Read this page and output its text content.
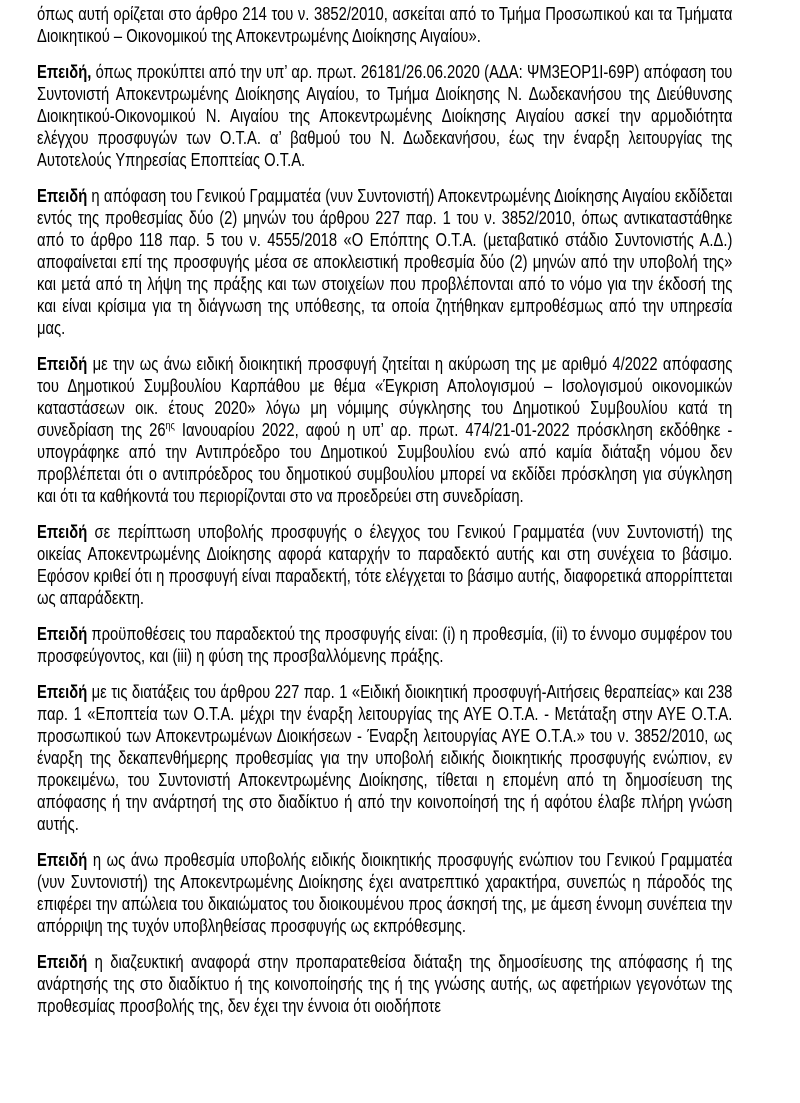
όπως αυτή ορίζεται στο άρθρο 214 του ν. 3852/2010, ασκείται από το Τμήμα Προσωπικού και τα Τμήματα Διοικητικού – Οικονομικού της Αποκεντρωμένης Διοίκησης Αιγαίου».

Επειδή, όπως προκύπτει από την υπ’ αρ. πρωτ. 26181/26.06.2020 (ΑΔΑ: ΨΜ3ΕΟΡ1Ι-69Ρ) απόφαση του Συντονιστή Αποκεντρωμένης Διοίκησης Αιγαίου, το Τμήμα Διοίκησης Ν. Δωδεκανήσου της Διεύθυνσης Διοικητικού-Οικονομικού Ν. Αιγαίου της Αποκεντρωμένης Διοίκησης Αιγαίου ασκεί την αρμοδιότητα ελέγχου προσφυγών των Ο.Τ.Α. α’ βαθμού του Ν. Δωδεκανήσου, έως την έναρξη λειτουργίας της Αυτοτελούς Υπηρεσίας Εποπτείας Ο.Τ.Α.

Επειδή η απόφαση του Γενικού Γραμματέα (νυν Συντονιστή) Αποκεντρωμένης Διοίκησης Αιγαίου εκδίδεται εντός της προθεσμίας δύο (2) μηνών του άρθρου 227 παρ. 1 του ν. 3852/2010, όπως αντικαταστάθηκε από το άρθρο 118 παρ. 5 του ν. 4555/2018 «Ο Επόπτης Ο.Τ.Α. (μεταβατικό στάδιο Συντονιστής Α.Δ.) αποφαίνεται επί της προσφυγής μέσα σε αποκλειστική προθεσμία δύο (2) μηνών από την υποβολή της» και μετά από τη λήψη της πράξης και των στοιχείων που προβλέπονται από το νόμο για την έκδοσή της και είναι κρίσιμα για τη διάγνωση της υπόθεσης, τα οποία ζητήθηκαν εμπροθέσμως από την υπηρεσία μας.

Επειδή με την ως άνω ειδική διοικητική προσφυγή ζητείται η ακύρωση της με αριθμό 4/2022 απόφασης του Δημοτικού Συμβουλίου Καρπάθου με θέμα «Έγκριση Απολογισμού – Ισολογισμού οικονομικών καταστάσεων οικ. έτους 2020» λόγω μη νόμιμης σύγκλησης του Δημοτικού Συμβουλίου κατά τη συνεδρίαση της $26^{\eta\varsigma}$ Ιανουαρίου 2022, αφού η υπ’ αρ. πρωτ. 474/21-01-2022 πρόσκληση εκδόθηκε - υπογράφηκε από την Αντιπρόεδρο του Δημοτικού Συμβουλίου ενώ από καμία διάταξη νόμου δεν προβλέπεται ότι ο αντιπρόεδρος του δημοτικού συμβουλίου μπορεί να εκδίδει πρόσκληση για σύγκληση και ότι τα καθήκοντά του περιορίζονται στο να προεδρεύει στη συνεδρίαση.

Επειδή σε περίπτωση υποβολής προσφυγής ο έλεγχος του Γενικού Γραμματέα (νυν Συντονιστή) της οικείας Αποκεντρωμένης Διοίκησης αφορά καταρχήν το παραδεκτό αυτής και στη συνέχεια το βάσιμο. Εφόσον κριθεί ότι η προσφυγή είναι παραδεκτή, τότε ελέγχεται το βάσιμο αυτής, διαφορετικά απορρίπτεται ως απαράδεκτη.

Επειδή προϋποθέσεις του παραδεκτού της προσφυγής είναι: (i) η προθεσμία, (ii) το έννομο συμφέρον του προσφεύγοντος, και (iii) η φύση της προσβαλλόμενης πράξης.

Επειδή με τις διατάξεις του άρθρου 227 παρ. 1 «Ειδική διοικητική προσφυγή-Αιτήσεις θεραπείας» και 238 παρ. 1 «Εποπτεία των Ο.Τ.Α. μέχρι την έναρξη λειτουργίας της ΑΥΕ Ο.Τ.Α. - Μετάταξη στην ΑΥΕ Ο.Τ.Α. προσωπικού των Αποκεντρωμένων Διοικήσεων - Έναρξη λειτουργίας ΑΥΕ Ο.Τ.Α.» του ν. 3852/2010, ως έναρξη της δεκαπενθήμερης προθεσμίας για την υποβολή ειδικής διοικητικής προσφυγής ενώπιον, εν προκειμένω, του Συντονιστή Αποκεντρωμένης Διοίκησης, τίθεται η επομένη από τη δημοσίευση της απόφασης ή την ανάρτησή της στο διαδίκτυο ή από την κοινοποίησή της ή αφότου έλαβε πλήρη γνώση αυτής.

Επειδή η ως άνω προθεσμία υποβολής ειδικής διοικητικής προσφυγής ενώπιον του Γενικού Γραμματέα (νυν Συντονιστή) της Αποκεντρωμένης Διοίκησης έχει ανατρεπτικό χαρακτήρα, συνεπώς η πάροδός της επιφέρει την απώλεια του δικαιώματος του διοικουμένου προς άσκησή της, με άμεση έννομη συνέπεια την απόρριψη της τυχόν υποβληθείσας προσφυγής ως εκπρόθεσμης.

Επειδή η διαζευκτική αναφορά στην προπαρατεθείσα διάταξη της δημοσίευσης της απόφασης ή της ανάρτησής της στο διαδίκτυο ή της κοινοποίησής της ή της γνώσης αυτής, ως αφετήριων γεγονότων της προθεσμίας προσβολής της, δεν έχει την έννοια ότι οιοδήποτε
